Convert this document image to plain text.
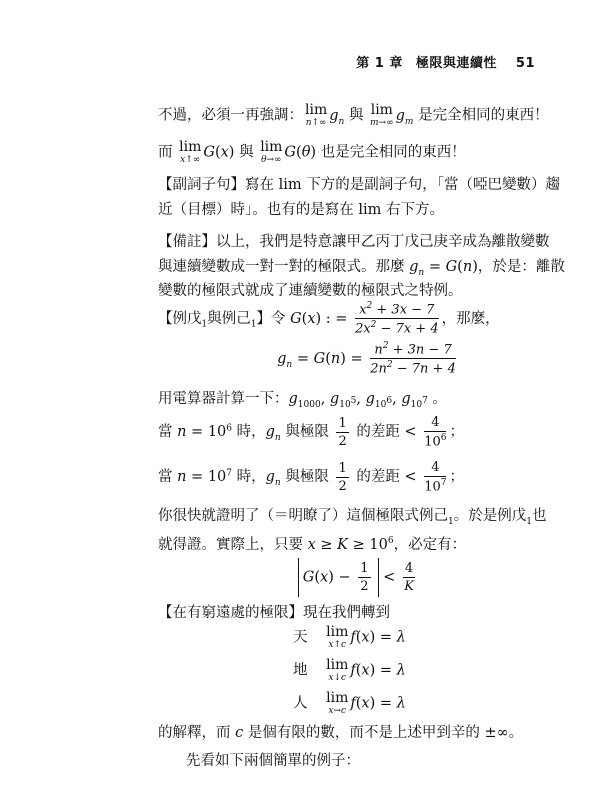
第 1 章 極限與連續性 51
不過，必須一再強調： lim
n↑∞ $g_n$ 與 lim
m→∞ $g_m$ 是完全相同的東西！
而 lim
x↑∞ G(x) 與 lim
θ→∞ G(θ) 也是完全相同的東西！
【副詞子句】寫在 lim 下方的是副詞子句，「當（啞巴變數）趨
近（目標）時」。也有的是寫在 lim 右下方。
【備註】以上，我們是特意讓甲乙丙丁戊己庚辛成為離散變數
與連續變數成一對一對的極限式。那麼 $g_n = G(n)$，於是：離散
變數的極限式就成了連續變數的極限式之特例。
【例戊$_1$與例己$_1$】令 G(x) : = $\frac{x^2 + 3x - 7}{2x^2 - 7x + 4}$ ，那麼，
$g_n = G(n) = \frac{n^2 + 3n - 7}{2n^2 - 7n + 4}$
用電算器計算一下：$g_{1000}$, $g_{10^5}$, $g_{10^6}$, $g_{10^7}$ 。
當 $n = 10^6$ 時，$g_n$ 與極限 $\frac{1}{2}$ 的差距 < $\frac{4}{10^6}$ ；
當 $n = 10^7$ 時，$g_n$ 與極限 $\frac{1}{2}$ 的差距 < $\frac{4}{10^7}$ ；
你很快就證明了（＝明瞭了）這個極限式例己$_1$。於是例戊$_1$也
就得證。實際上，只要 $x \ge K \ge 10^6$，必定有：
$G(x) - \frac{1}{2} < \frac{4}{K}$
【在有窮遠處的極限】現在我們轉到
天 lim
x↑c f(x) = λ
地 lim
x↓c f(x) = λ
人 lim
x→c f(x) = λ
的解釋，而 c 是個有限的數，而不是上述甲到辛的 ±∞。
先看如下兩個簡單的例子：
